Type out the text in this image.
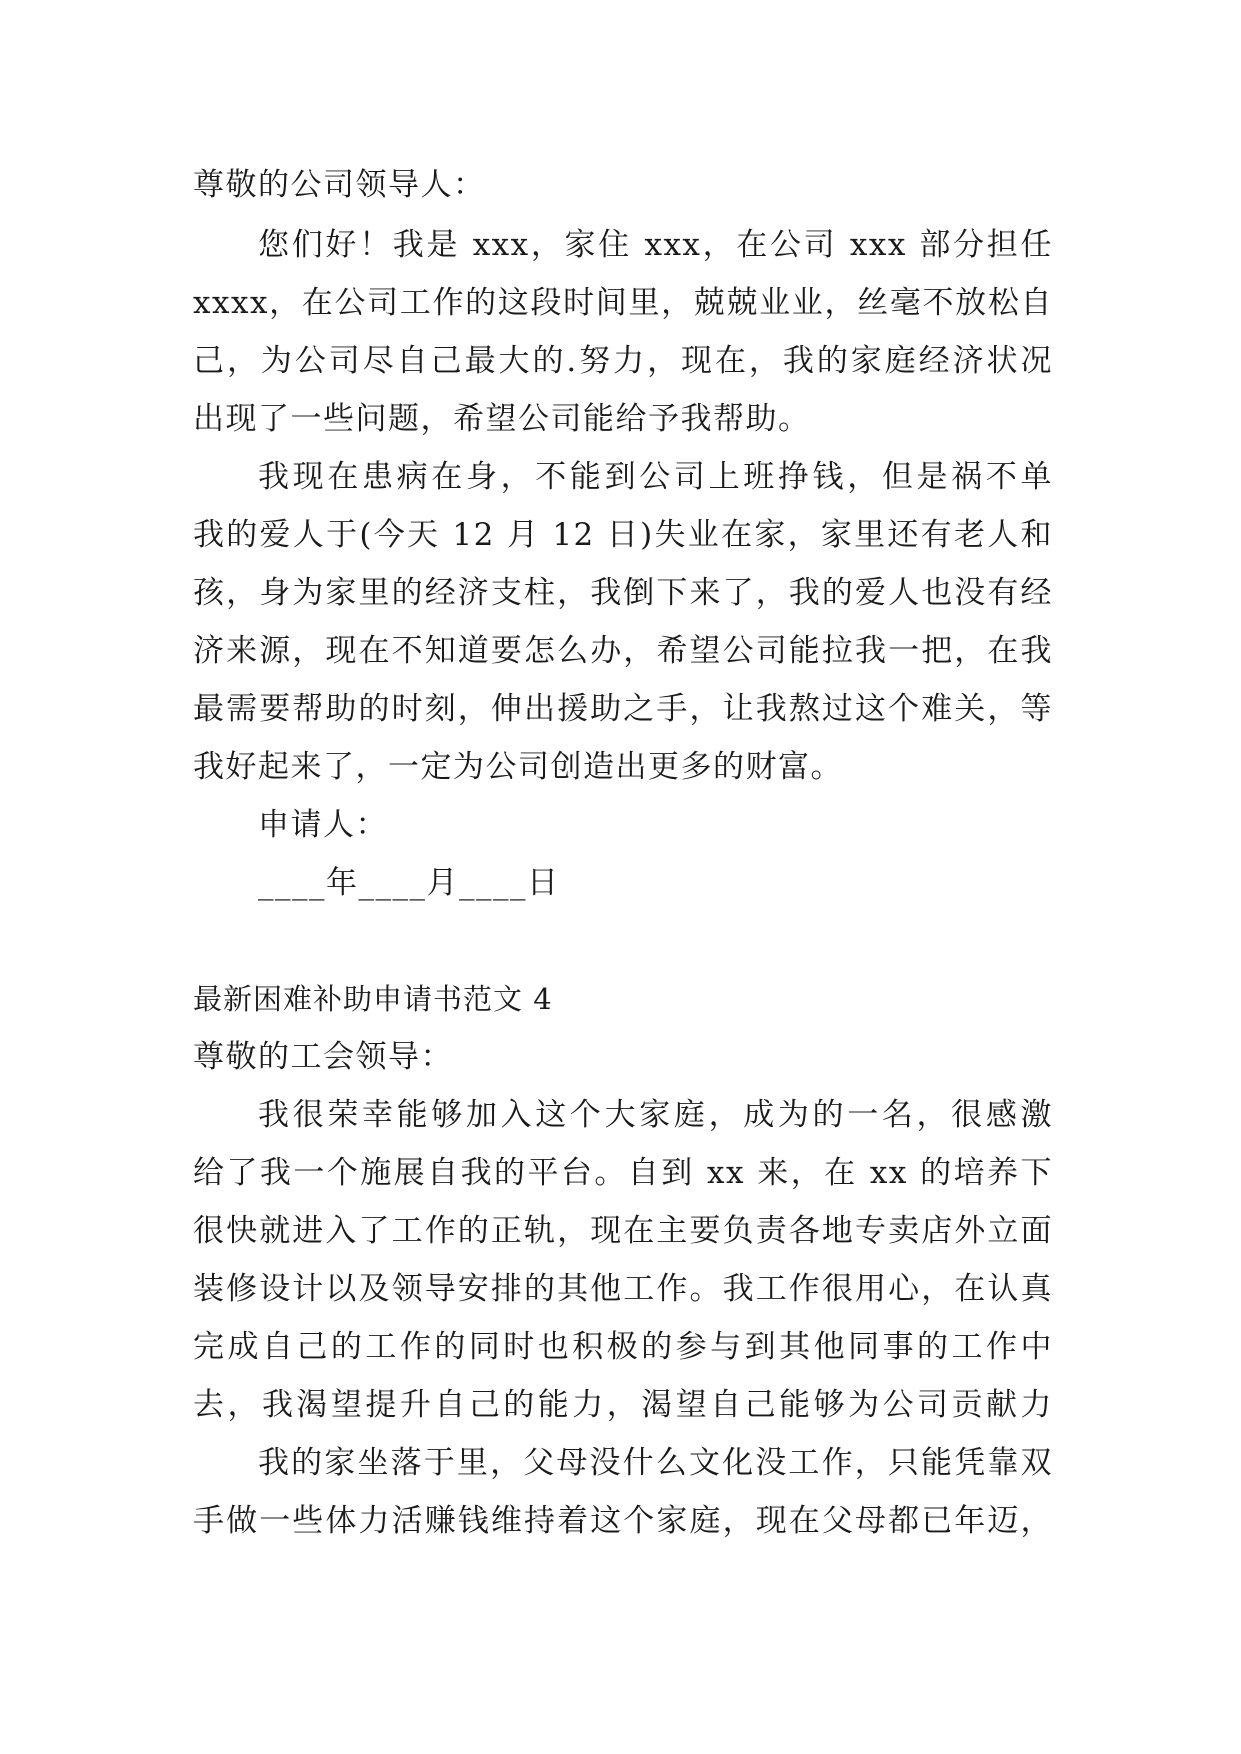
尊敬的公司领导人：
您们好！我是 xxx，家住 xxx，在公司 xxx 部分担任
xxxx，在公司工作的这段时间里，兢兢业业，丝毫不放松自
己，为公司尽自己最大的.努力，现在，我的家庭经济状况
出现了一些问题，希望公司能给予我帮助。
我现在患病在身，不能到公司上班挣钱，但是祸不单
我的爱人于(今天 12 月 12 日)失业在家，家里还有老人和
孩，身为家里的经济支柱，我倒下来了，我的爱人也没有经
济来源，现在不知道要怎么办，希望公司能拉我一把，在我
最需要帮助的时刻，伸出援助之手，让我熬过这个难关，等
我好起来了，一定为公司创造出更多的财富。
申请人：
____年____月____日
最新困难补助申请书范文 4
尊敬的工会领导：
我很荣幸能够加入这个大家庭，成为的一名，很感激
给了我一个施展自我的平台。自到 xx 来，在 xx 的培养下
很快就进入了工作的正轨，现在主要负责各地专卖店外立面
装修设计以及领导安排的其他工作。我工作很用心，在认真
完成自己的工作的同时也积极的参与到其他同事的工作中
去，我渴望提升自己的能力，渴望自己能够为公司贡献力
我的家坐落于里，父母没什么文化没工作，只能凭靠双
手做一些体力活赚钱维持着这个家庭，现在父母都已年迈，
